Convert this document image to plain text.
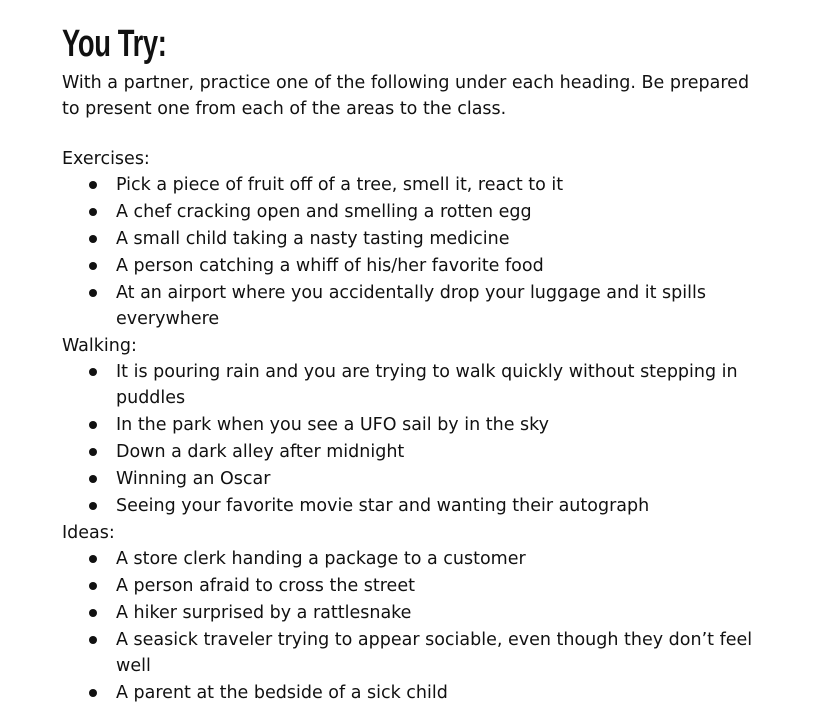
You Try:

With a partner, practice one of the following under each heading. Be prepared to present one from each of the areas to the class.

Exercises:
Pick a piece of fruit off of a tree, smell it, react to it
A chef cracking open and smelling a rotten egg
A small child taking a nasty tasting medicine
A person catching a whiff of his/her favorite food
At an airport where you accidentally drop your luggage and it spills everywhere
Walking:
It is pouring rain and you are trying to walk quickly without stepping in puddles
In the park when you see a UFO sail by in the sky
Down a dark alley after midnight
Winning an Oscar
Seeing your favorite movie star and wanting their autograph
Ideas:
A store clerk handing a package to a customer
A person afraid to cross the street
A hiker surprised by a rattlesnake
A seasick traveler trying to appear sociable, even though they don’t feel well
A parent at the bedside of a sick child
